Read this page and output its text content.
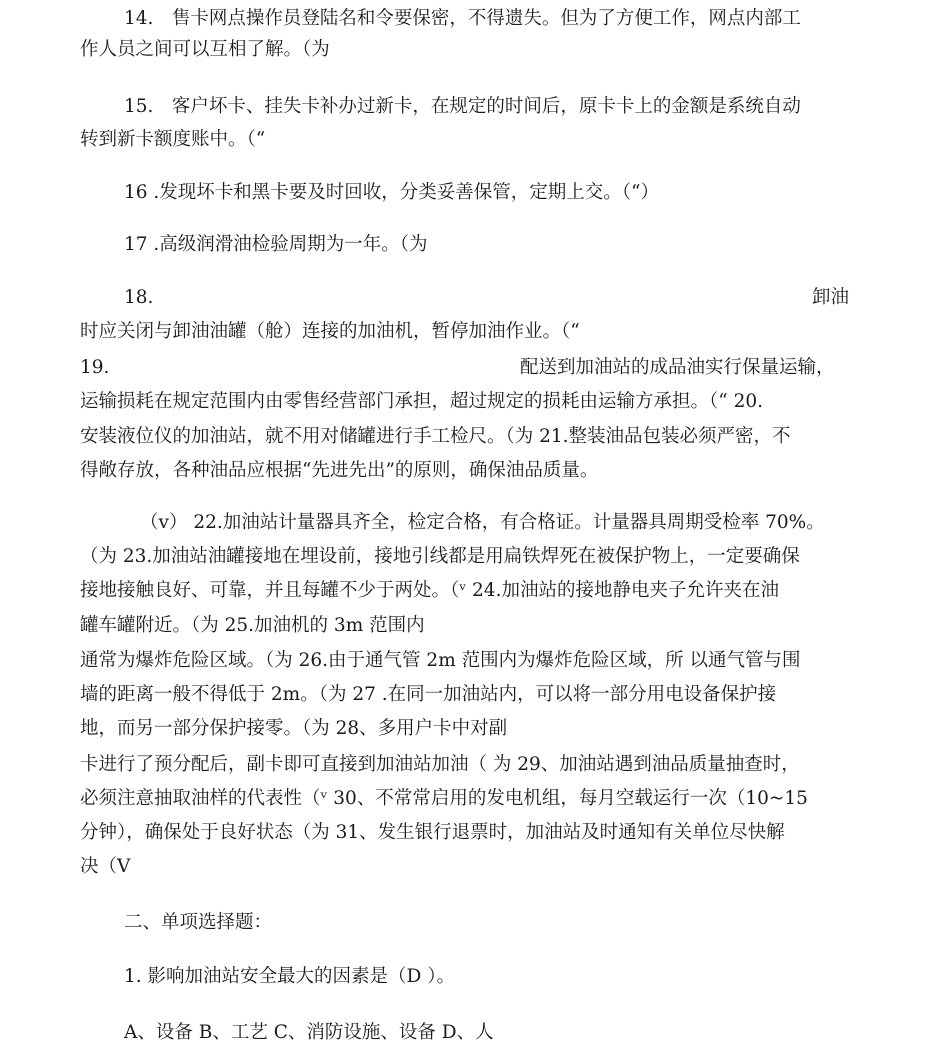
14.　售卡网点操作员登陆名和令要保密，不得遗失。但为了方便工作，网点内部工

作人员之间可以互相了解。（为

15.　客户坏卡、挂失卡补办过新卡，在规定的时间后，原卡卡上的金额是系统自动

转到新卡额度账中。（“

16 .发现坏卡和黑卡要及时回收，分类妥善保管，定期上交。（“）

17 .高级润滑油检验周期为一年。（为

18.	卸油

时应关闭与卸油油罐（舱）连接的加油机，暂停加油作业。（“

19.	配送到加油站的成品油实行保量运输，

运输损耗在规定范围内由零售经营部门承担，超过规定的损耗由运输方承担。（“ 20.

安装液位仪的加油站，就不用对储罐进行手工检尺。（为 21.整装油品包装必须严密，不

得敞存放，各种油品应根据“先进先出”的原则，确保油品质量。

（v） 22.加油站计量器具齐全，检定合格，有合格证。计量器具周期受检率 70%。

（为 23.加油站油罐接地在埋设前，接地引线都是用扁铁焊死在被保护物上，一定要确保

接地接触良好、可靠，并且每罐不少于两处。（ᵛ 24.加油站的接地静电夹子允许夹在油

罐车罐附近。（为 25.加油机的 3m 范围内

通常为爆炸危险区域。（为 26.由于通气管 2m 范围内为爆炸危险区域，所 以通气管与围

墙的距离一般不得低于 2m。（为 27 .在同一加油站内，可以将一部分用电设备保护接

地，而另一部分保护接零。（为 28、多用户卡中对副

卡进行了预分配后，副卡即可直接到加油站加油（ 为 29、加油站遇到油品质量抽查时，

必须注意抽取油样的代表性（ᵛ 30、不常常启用的发电机组，每月空载运行一次（10~15

分钟），确保处于良好状态（为 31、发生银行退票时，加油站及时通知有关单位尽快解

决（V

二、单项选择题：

1. 影响加油站安全最大的因素是（D ）。

A、设备 B、工艺 C、消防设施、设备 D、人
